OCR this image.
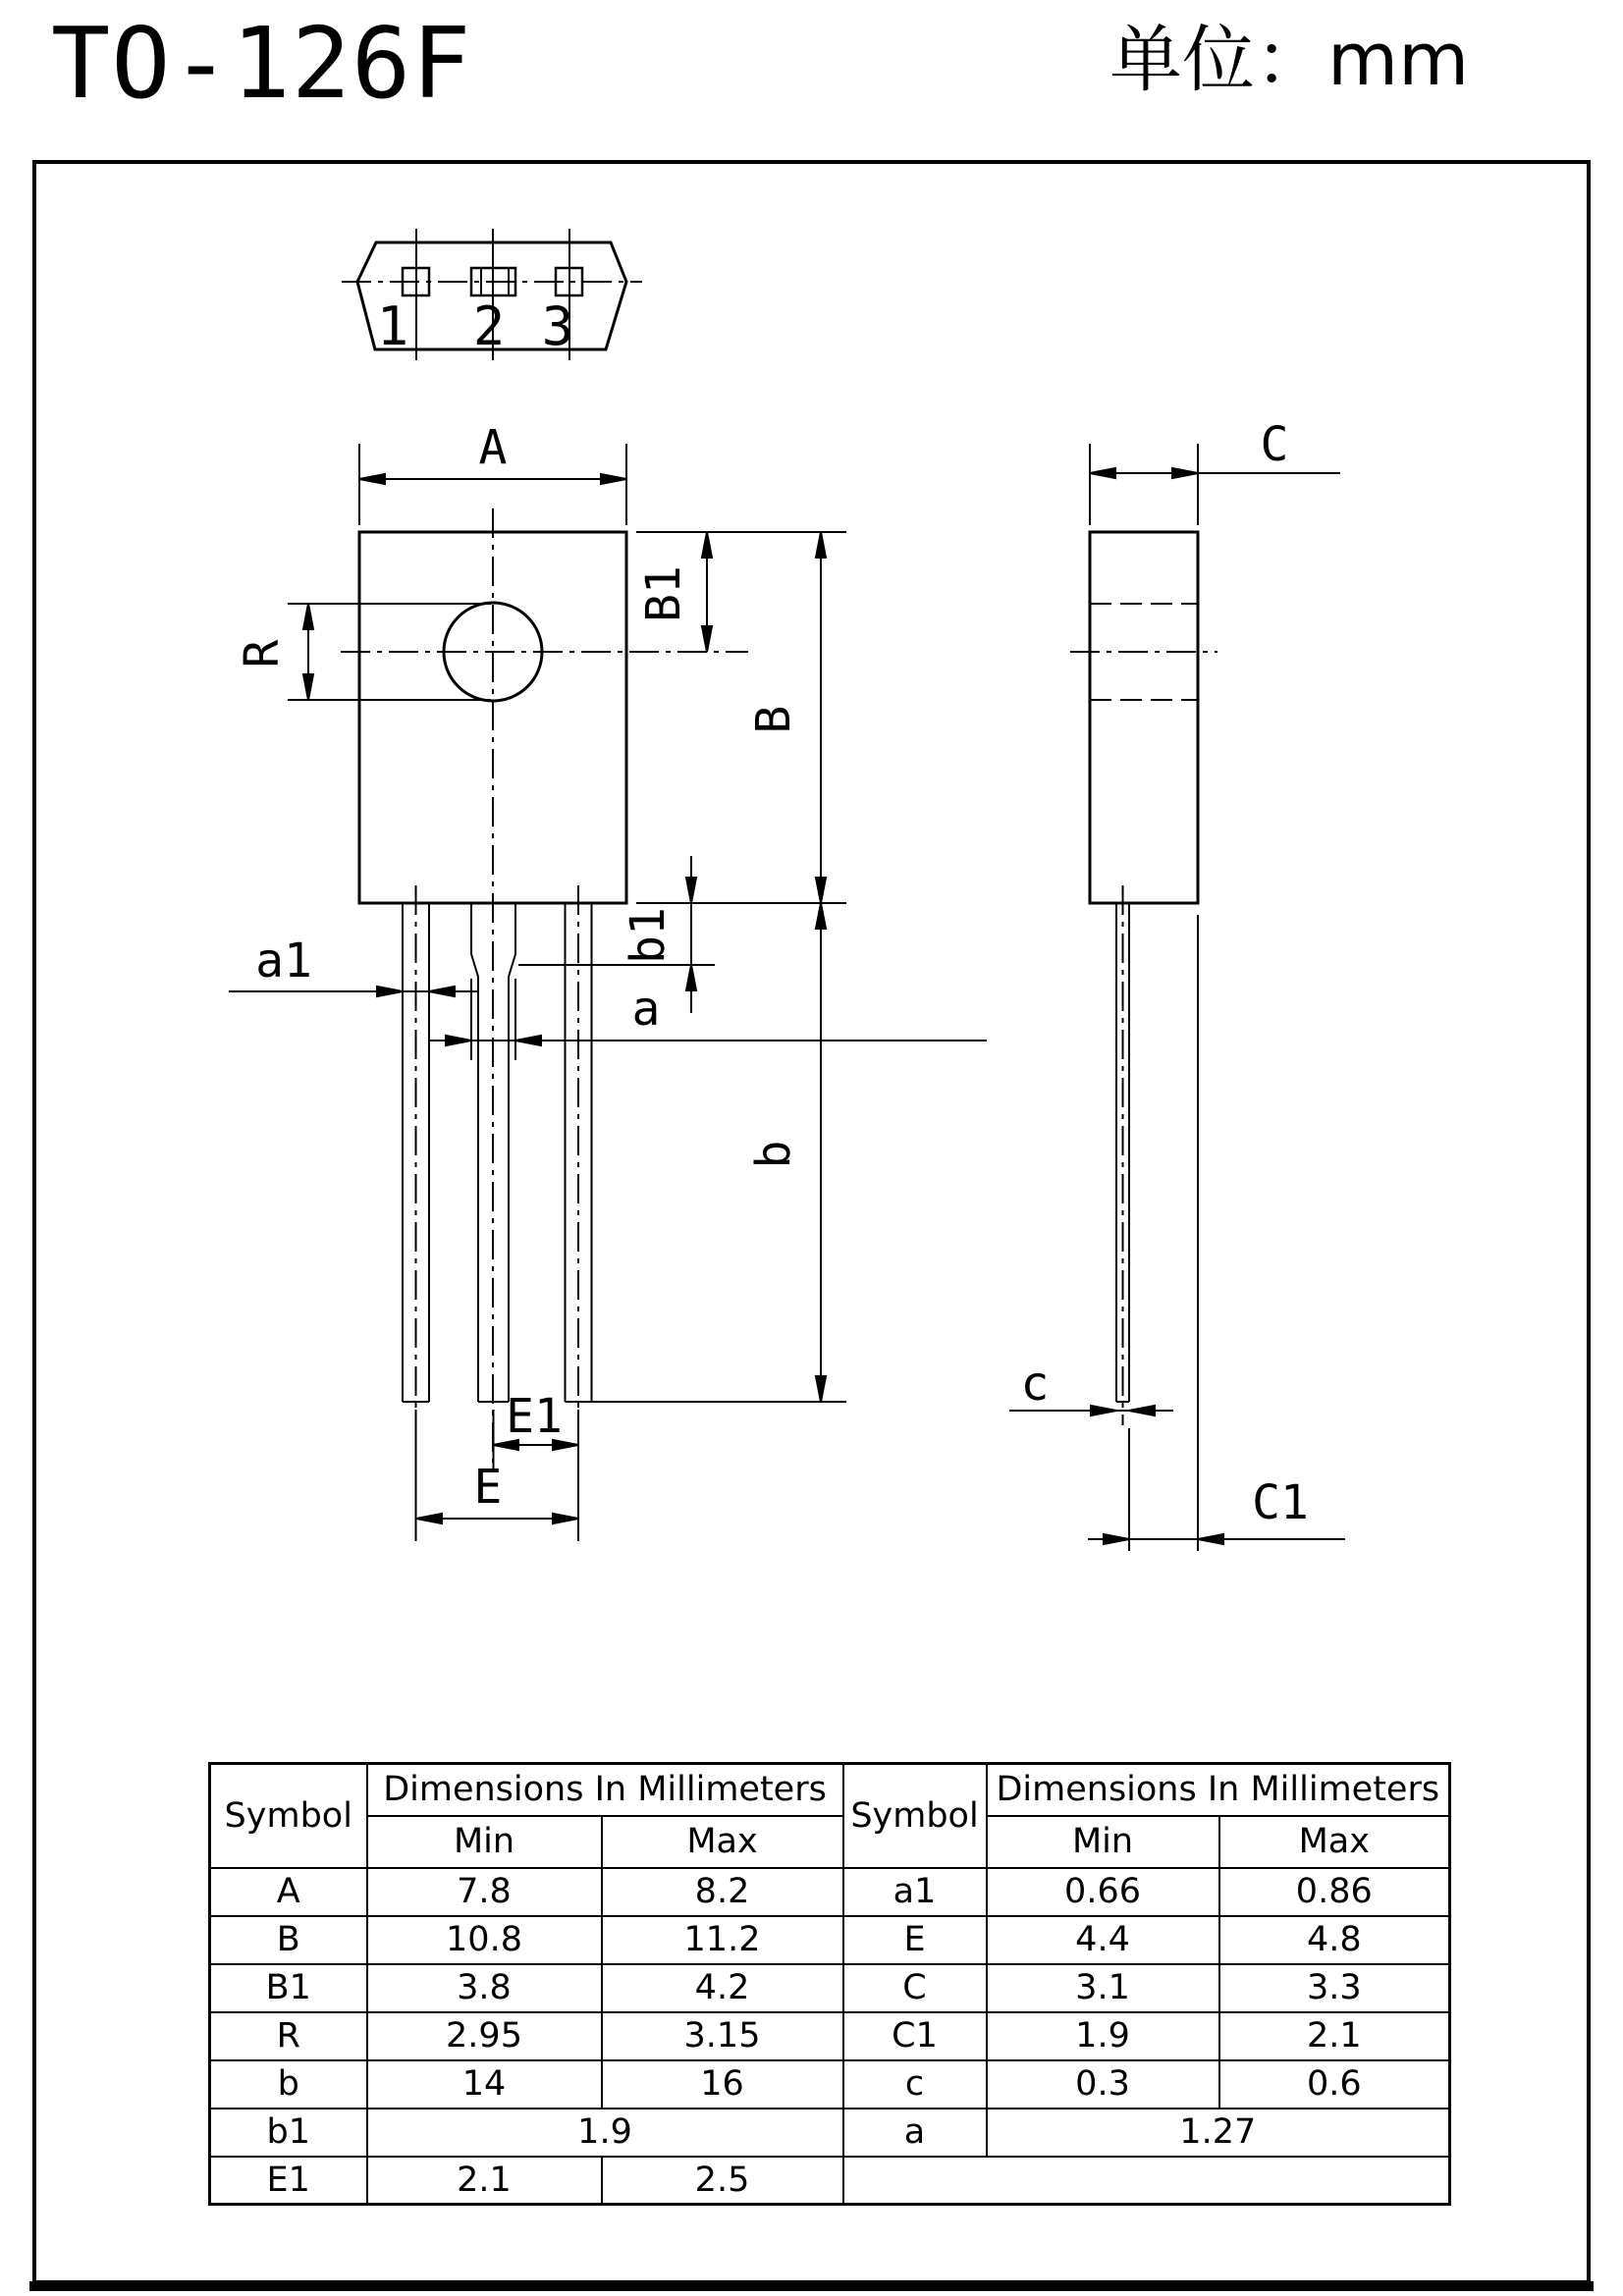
TO-126F	单位：mm
1 2 3
A
R
B1
B
b
b1
a1
a
E1
E
C
c
C1
Symbol	Dimensions In Millimeters		Symbol	Dimensions In Millimeters	
	Min	Max		Min	Max
A	7.8	8.2	a1	0.66	0.86
B	10.8	11.2	E	4.4	4.8
B1	3.8	4.2	C	3.1	3.3
R	2.95	3.15	C1	1.9	2.1
b	14	16	c	0.3	0.6
b1	1.9		a	1.27	
E1	2.1	2.5			
